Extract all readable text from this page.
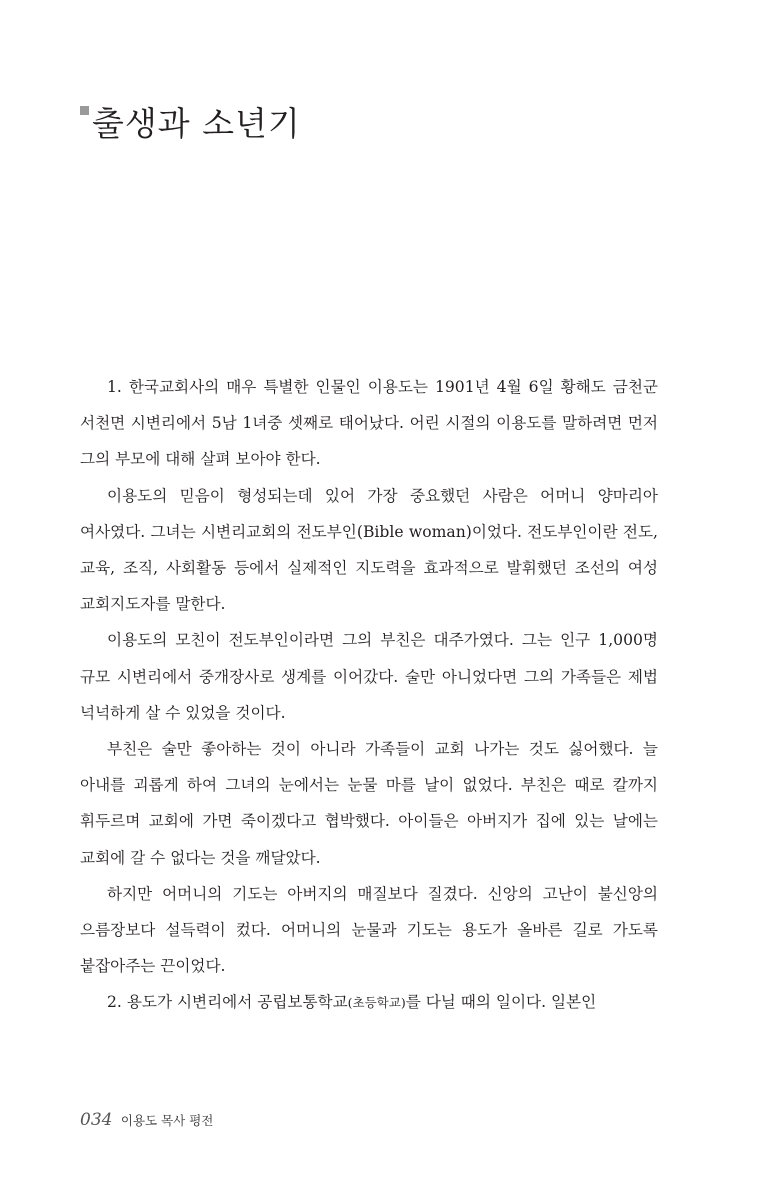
출생과 소년기

1. 한국교회사의 매우 특별한 인물인 이용도는 1901년 4월 6일 황해도 금천군 서천면 시변리에서 5남 1녀중 셋째로 태어났다. 어린 시절의 이용도를 말하려면 먼저 그의 부모에 대해 살펴 보아야 한다.

이용도의 믿음이 형성되는데 있어 가장 중요했던 사람은 어머니 양마리아 여사였다. 그녀는 시변리교회의 전도부인(Bible woman)이었다. 전도부인이란 전도, 교육, 조직, 사회활동 등에서 실제적인 지도력을 효과적으로 발휘했던 조선의 여성 교회지도자를 말한다.

이용도의 모친이 전도부인이라면 그의 부친은 대주가였다. 그는 인구 1,000명 규모 시변리에서 중개장사로 생계를 이어갔다. 술만 아니었다면 그의 가족들은 제법 넉넉하게 살 수 있었을 것이다.

부친은 술만 좋아하는 것이 아니라 가족들이 교회 나가는 것도 싫어했다. 늘 아내를 괴롭게 하여 그녀의 눈에서는 눈물 마를 날이 없었다. 부친은 때로 칼까지 휘두르며 교회에 가면 죽이겠다고 협박했다. 아이들은 아버지가 집에 있는 날에는 교회에 갈 수 없다는 것을 깨달았다.

하지만 어머니의 기도는 아버지의 매질보다 질겼다. 신앙의 고난이 불신앙의 으름장보다 설득력이 컸다. 어머니의 눈물과 기도는 용도가 올바른 길로 가도록 붙잡아주는 끈이었다.

2. 용도가 시변리에서 공립보통학교(초등학교)를 다닐 때의 일이다. 일본인

034 이용도 목사 평전
